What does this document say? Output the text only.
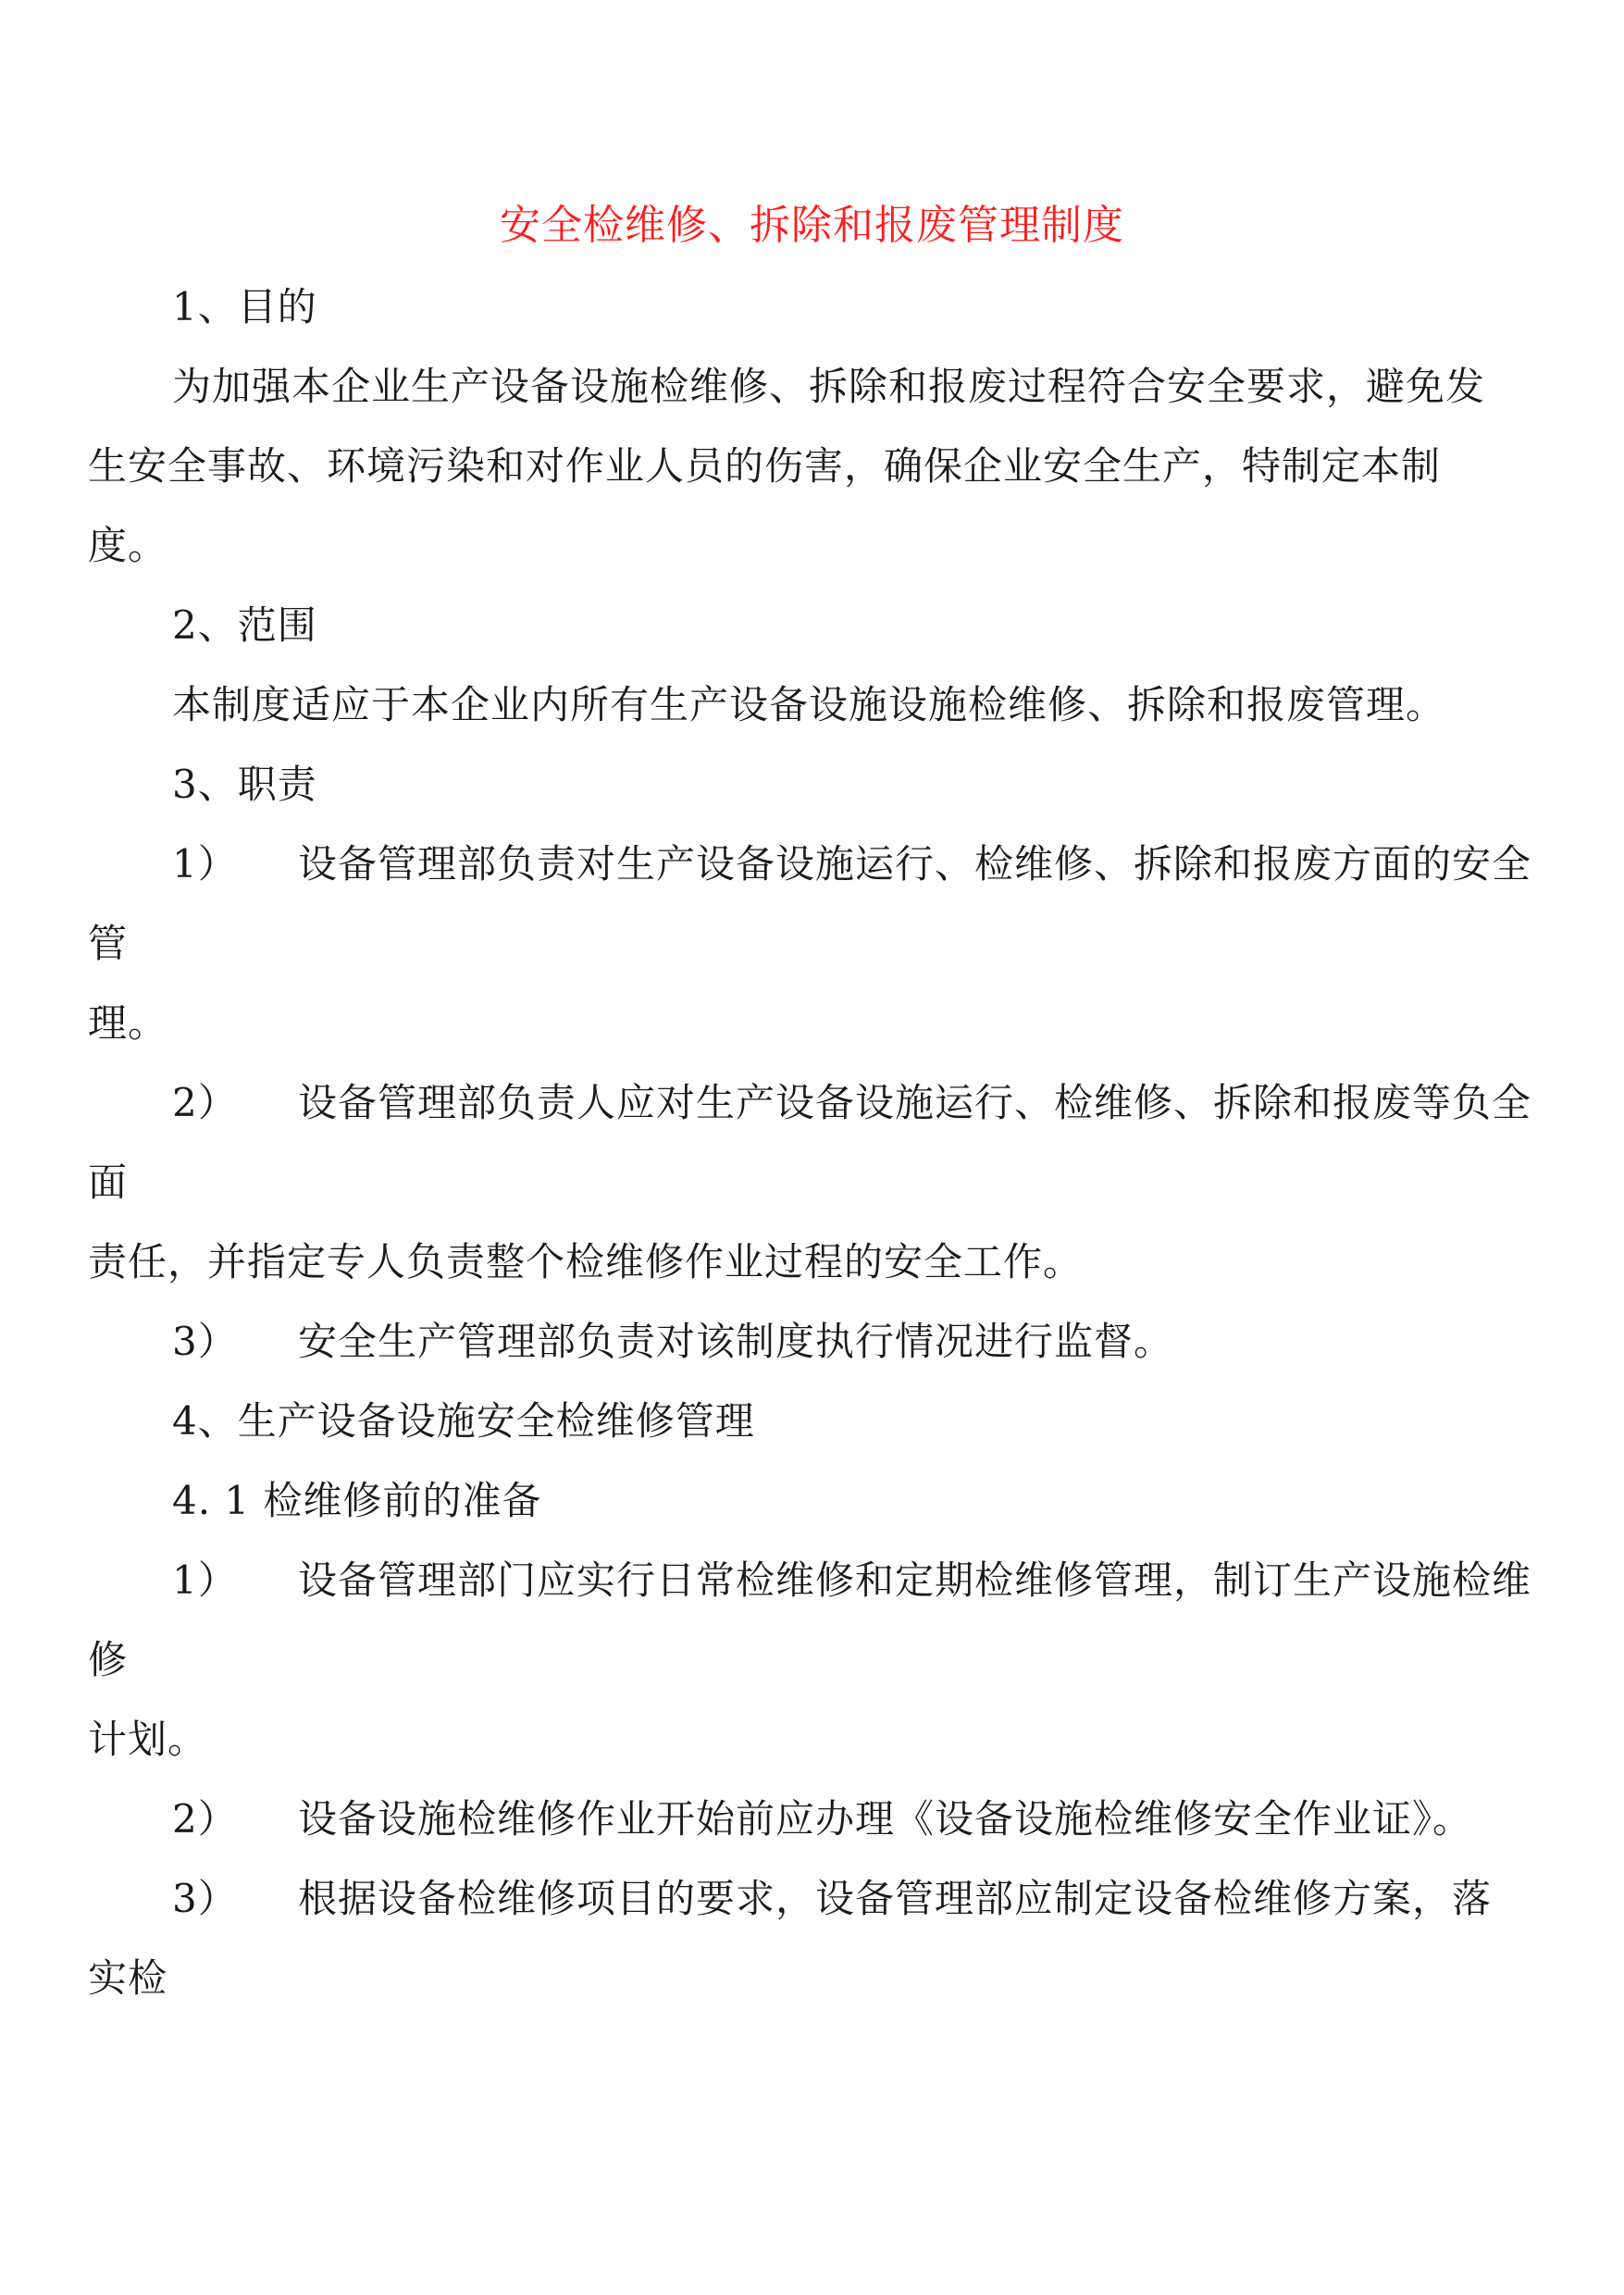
安全检维修、拆除和报废管理制度
1、目的
为加强本企业生产设备设施检维修、拆除和报废过程符合安全要求，避免发
生安全事故、环境污染和对作业人员的伤害，确保企业安全生产，特制定本制
度。
2、范围
本制度适应于本企业内所有生产设备设施设施检维修、拆除和报废管理。
3、职责
1） 设备管理部负责对生产设备设施运行、检维修、拆除和报废方面的安全
管
理。
2） 设备管理部负责人应对生产设备设施运行、检维修、拆除和报废等负全
面
责任，并指定专人负责整个检维修作业过程的安全工作。
3） 安全生产管理部负责对该制度执行情况进行监督。
4、生产设备设施安全检维修管理
4. 1 检维修前的准备
1） 设备管理部门应实行日常检维修和定期检维修管理，制订生产设施检维
修
计划。
2） 设备设施检维修作业开始前应办理《设备设施检维修安全作业证》。
3） 根据设备检维修项目的要求，设备管理部应制定设备检维修方案，落
实检
